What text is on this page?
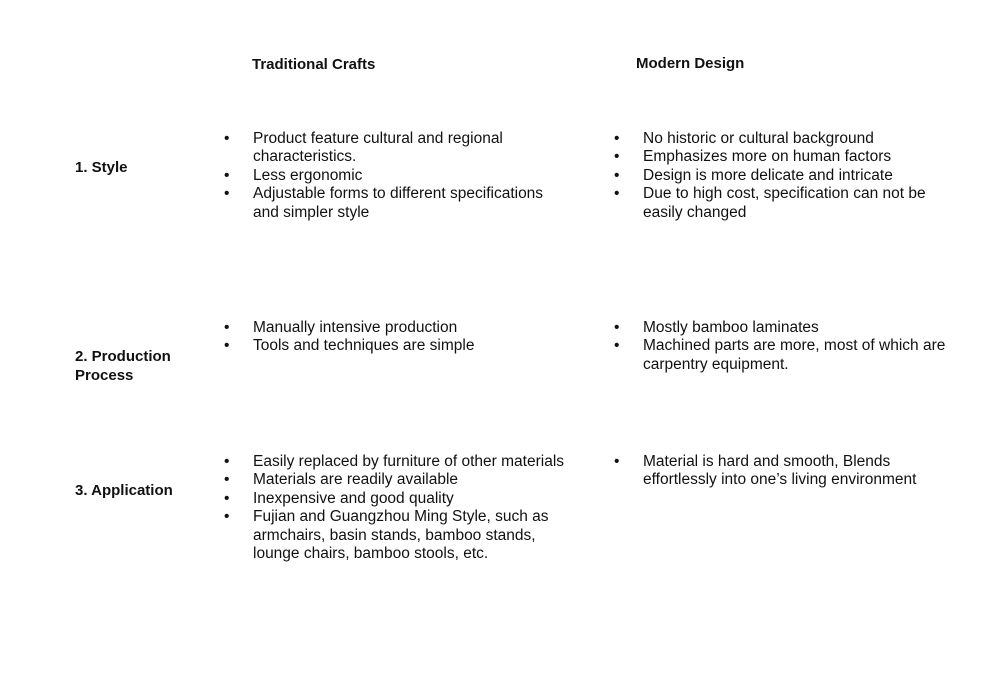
Traditional Crafts	Modern Design
1. Style
• Product feature cultural and regional characteristics.
• Less ergonomic
• Adjustable forms to different specifications and simpler style
• No historic or cultural background
• Emphasizes more on human factors
• Design is more delicate and intricate
• Due to high cost, specification can not be easily changed
2. Production Process
• Manually intensive production
• Tools and techniques are simple
• Mostly bamboo laminates
• Machined parts are more, most of which are carpentry equipment.
3. Application
• Easily replaced by furniture of other materials
• Materials are readily available
• Inexpensive and good quality
• Fujian and Guangzhou Ming Style, such as armchairs, basin stands, bamboo stands, lounge chairs, bamboo stools, etc.
• Material is hard and smooth, Blends effortlessly into one’s living environment
